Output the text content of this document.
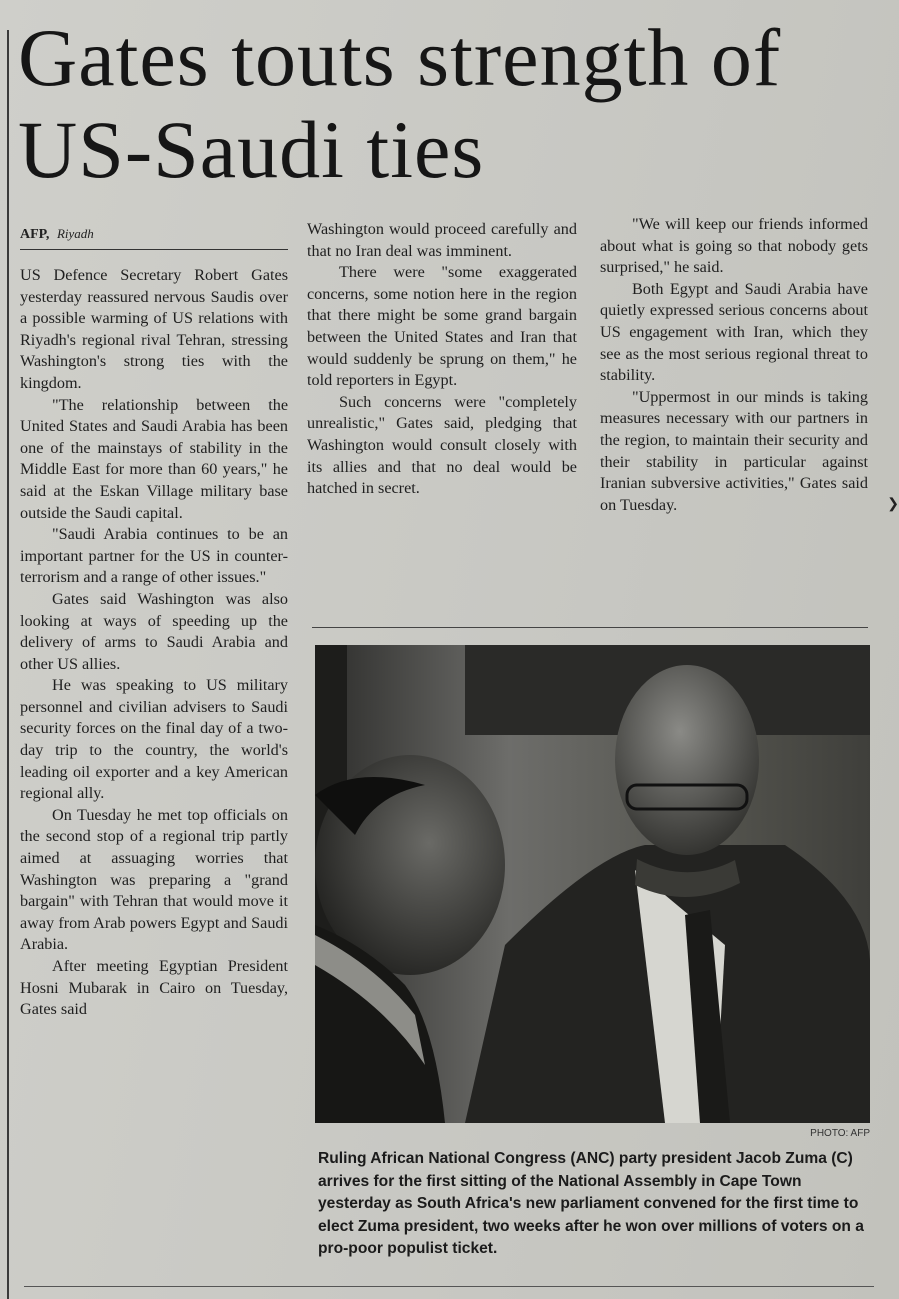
Gates touts strength of US-Saudi ties
AFP, Riyadh

US Defence Secretary Robert Gates yesterday reassured nervous Saudis over a possible warming of US relations with Riyadh's regional rival Tehran, stressing Washington's strong ties with the kingdom.

"The relationship between the United States and Saudi Arabia has been one of the mainstays of stability in the Middle East for more than 60 years," he said at the Eskan Village military base outside the Saudi capital.

"Saudi Arabia continues to be an important partner for the US in counter-terrorism and a range of other issues."

Gates said Washington was also looking at ways of speeding up the delivery of arms to Saudi Arabia and other US allies.

He was speaking to US military personnel and civilian advisers to Saudi security forces on the final day of a two-day trip to the country, the world's leading oil exporter and a key American regional ally.

On Tuesday he met top officials on the second stop of a regional trip partly aimed at assuaging worries that Washington was preparing a "grand bargain" with Tehran that would move it away from Arab powers Egypt and Saudi Arabia.

After meeting Egyptian President Hosni Mubarak in Cairo on Tuesday, Gates said

Washington would proceed carefully and that no Iran deal was imminent.

There were "some exaggerated concerns, some notion here in the region that there might be some grand bargain between the United States and Iran that would suddenly be sprung on them," he told reporters in Egypt.

Such concerns were "completely unrealistic," Gates said, pledging that Washington would consult closely with its allies and that no deal would be hatched in secret.

"We will keep our friends informed about what is going so that nobody gets surprised," he said.

Both Egypt and Saudi Arabia have quietly expressed serious concerns about US engagement with Iran, which they see as the most serious regional threat to stability.

"Uppermost in our minds is taking measures necessary with our partners in the region, to maintain their security and their stability in particular against Iranian subversive activities," Gates said on Tuesday.

PHOTO: AFP

Ruling African National Congress (ANC) party president Jacob Zuma (C) arrives for the first sitting of the National Assembly in Cape Town yesterday as South Africa's new parliament convened for the first time to elect Zuma president, two weeks after he won over millions of voters on a pro-poor populist ticket.

❯
